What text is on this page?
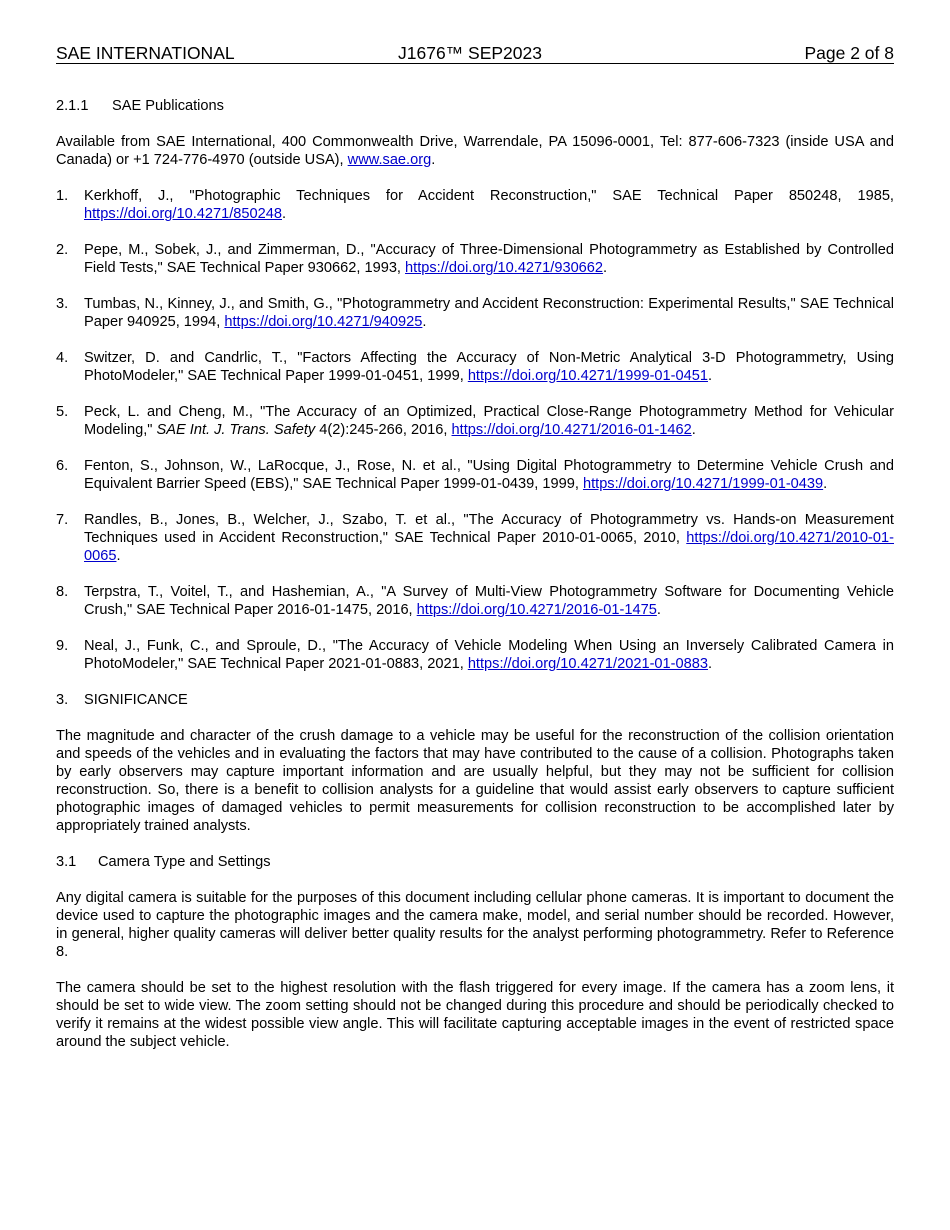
SAE INTERNATIONAL	J1676™ SEP2023	Page 2 of 8
2.1.1	SAE Publications

Available from SAE International, 400 Commonwealth Drive, Warrendale, PA 15096-0001, Tel: 877-606-7323 (inside USA and Canada) or +1 724-776-4970 (outside USA), www.sae.org.

1.	Kerkhoff, J., "Photographic Techniques for Accident Reconstruction," SAE Technical Paper 850248, 1985, https://doi.org/10.4271/850248.
2.	Pepe, M., Sobek, J., and Zimmerman, D., "Accuracy of Three-Dimensional Photogrammetry as Established by Controlled Field Tests," SAE Technical Paper 930662, 1993, https://doi.org/10.4271/930662.
3.	Tumbas, N., Kinney, J., and Smith, G., "Photogrammetry and Accident Reconstruction: Experimental Results," SAE Technical Paper 940925, 1994, https://doi.org/10.4271/940925.
4.	Switzer, D. and Candrlic, T., "Factors Affecting the Accuracy of Non-Metric Analytical 3-D Photogrammetry, Using PhotoModeler," SAE Technical Paper 1999-01-0451, 1999, https://doi.org/10.4271/1999-01-0451.
5.	Peck, L. and Cheng, M., "The Accuracy of an Optimized, Practical Close-Range Photogrammetry Method for Vehicular Modeling," SAE Int. J. Trans. Safety 4(2):245-266, 2016, https://doi.org/10.4271/2016-01-1462.
6.	Fenton, S., Johnson, W., LaRocque, J., Rose, N. et al., "Using Digital Photogrammetry to Determine Vehicle Crush and Equivalent Barrier Speed (EBS)," SAE Technical Paper 1999-01-0439, 1999, https://doi.org/10.4271/1999-01-0439.
7.	Randles, B., Jones, B., Welcher, J., Szabo, T. et al., "The Accuracy of Photogrammetry vs. Hands-on Measurement Techniques used in Accident Reconstruction," SAE Technical Paper 2010-01-0065, 2010, https://doi.org/10.4271/2010-01-0065.
8.	Terpstra, T., Voitel, T., and Hashemian, A., "A Survey of Multi-View Photogrammetry Software for Documenting Vehicle Crush," SAE Technical Paper 2016-01-1475, 2016, https://doi.org/10.4271/2016-01-1475.
9.	Neal, J., Funk, C., and Sproule, D., "The Accuracy of Vehicle Modeling When Using an Inversely Calibrated Camera in PhotoModeler," SAE Technical Paper 2021-01-0883, 2021, https://doi.org/10.4271/2021-01-0883.
3.	SIGNIFICANCE

The magnitude and character of the crush damage to a vehicle may be useful for the reconstruction of the collision orientation and speeds of the vehicles and in evaluating the factors that may have contributed to the cause of a collision. Photographs taken by early observers may capture important information and are usually helpful, but they may not be sufficient for collision reconstruction. So, there is a benefit to collision analysts for a guideline that would assist early observers to capture sufficient photographic images of damaged vehicles to permit measurements for collision reconstruction to be accomplished later by appropriately trained analysts.

3.1	Camera Type and Settings

Any digital camera is suitable for the purposes of this document including cellular phone cameras. It is important to document the device used to capture the photographic images and the camera make, model, and serial number should be recorded. However, in general, higher quality cameras will deliver better quality results for the analyst performing photogrammetry. Refer to Reference 8.

The camera should be set to the highest resolution with the flash triggered for every image. If the camera has a zoom lens, it should be set to wide view. The zoom setting should not be changed during this procedure and should be periodically checked to verify it remains at the widest possible view angle. This will facilitate capturing acceptable images in the event of restricted space around the subject vehicle.
